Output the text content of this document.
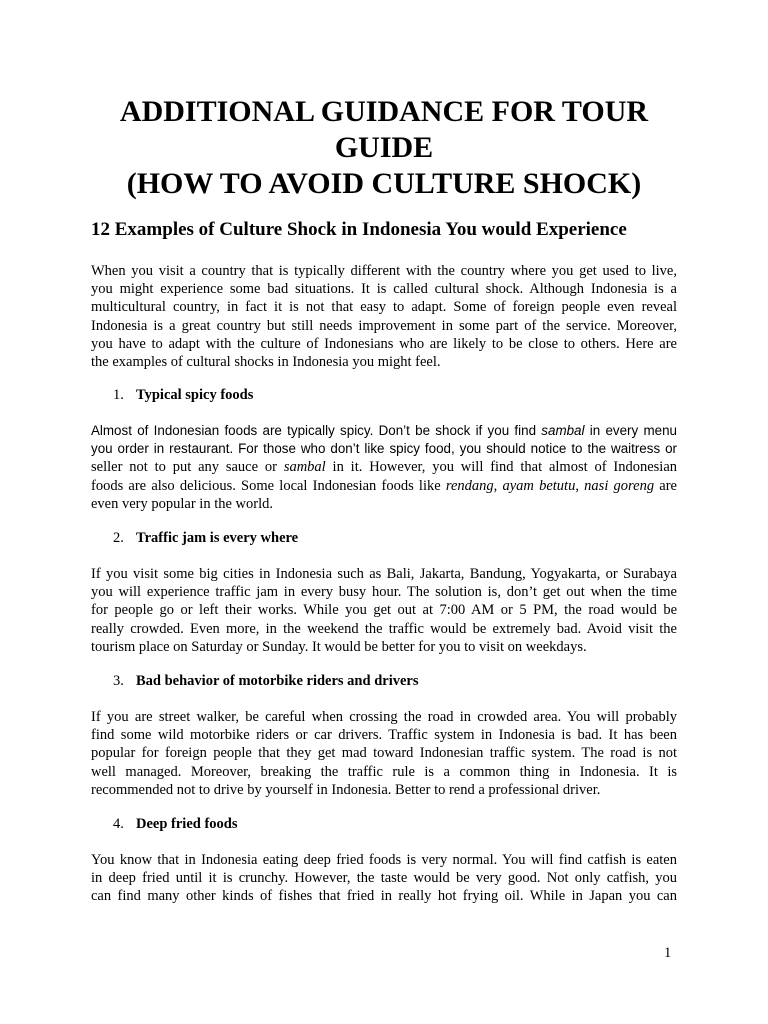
ADDITIONAL GUIDANCE FOR TOUR
GUIDE
(HOW TO AVOID CULTURE SHOCK)
12 Examples of Culture Shock in Indonesia You would Experience

When you visit a country that is typically different with the country where you get used to live,
you might experience some bad situations. It is called cultural shock. Although Indonesia is a
multicultural country, in fact it is not that easy to adapt. Some of foreign people even reveal
Indonesia is a great country but still needs improvement in some part of the service. Moreover,
you have to adapt with the culture of Indonesians who are likely to be close to others. Here are
the examples of cultural shocks in Indonesia you might feel.

1. Typical spicy foods

Almost of Indonesian foods are typically spicy. Don’t be shock if you find sambal in every menu
you order in restaurant. For those who don’t like spicy food, you should notice to the waitress or
seller not to put any sauce or sambal in it. However, you will find that almost of Indonesian
foods are also delicious. Some local Indonesian foods like rendang, ayam betutu, nasi goreng are
even very popular in the world.

2. Traffic jam is every where

If you visit some big cities in Indonesia such as Bali, Jakarta, Bandung, Yogyakarta, or Surabaya
you will experience traffic jam in every busy hour. The solution is, don’t get out when the time
for people go or left their works. While you get out at 7:00 AM or 5 PM, the road would be
really crowded. Even more, in the weekend the traffic would be extremely bad. Avoid visit the
tourism place on Saturday or Sunday. It would be better for you to visit on weekdays.

3. Bad behavior of motorbike riders and drivers

If you are street walker, be careful when crossing the road in crowded area. You will probably
find some wild motorbike riders or car drivers. Traffic system in Indonesia is bad. It has been
popular for foreign people that they get mad toward Indonesian traffic system. The road is not
well managed. Moreover, breaking the traffic rule is a common thing in Indonesia. It is
recommended not to drive by yourself in Indonesia. Better to rend a professional driver.

4. Deep fried foods

You know that in Indonesia eating deep fried foods is very normal. You will find catfish is eaten
in deep fried until it is crunchy. However, the taste would be very good. Not only catfish, you
can find many other kinds of fishes that fried in really hot frying oil. While in Japan you can

1
